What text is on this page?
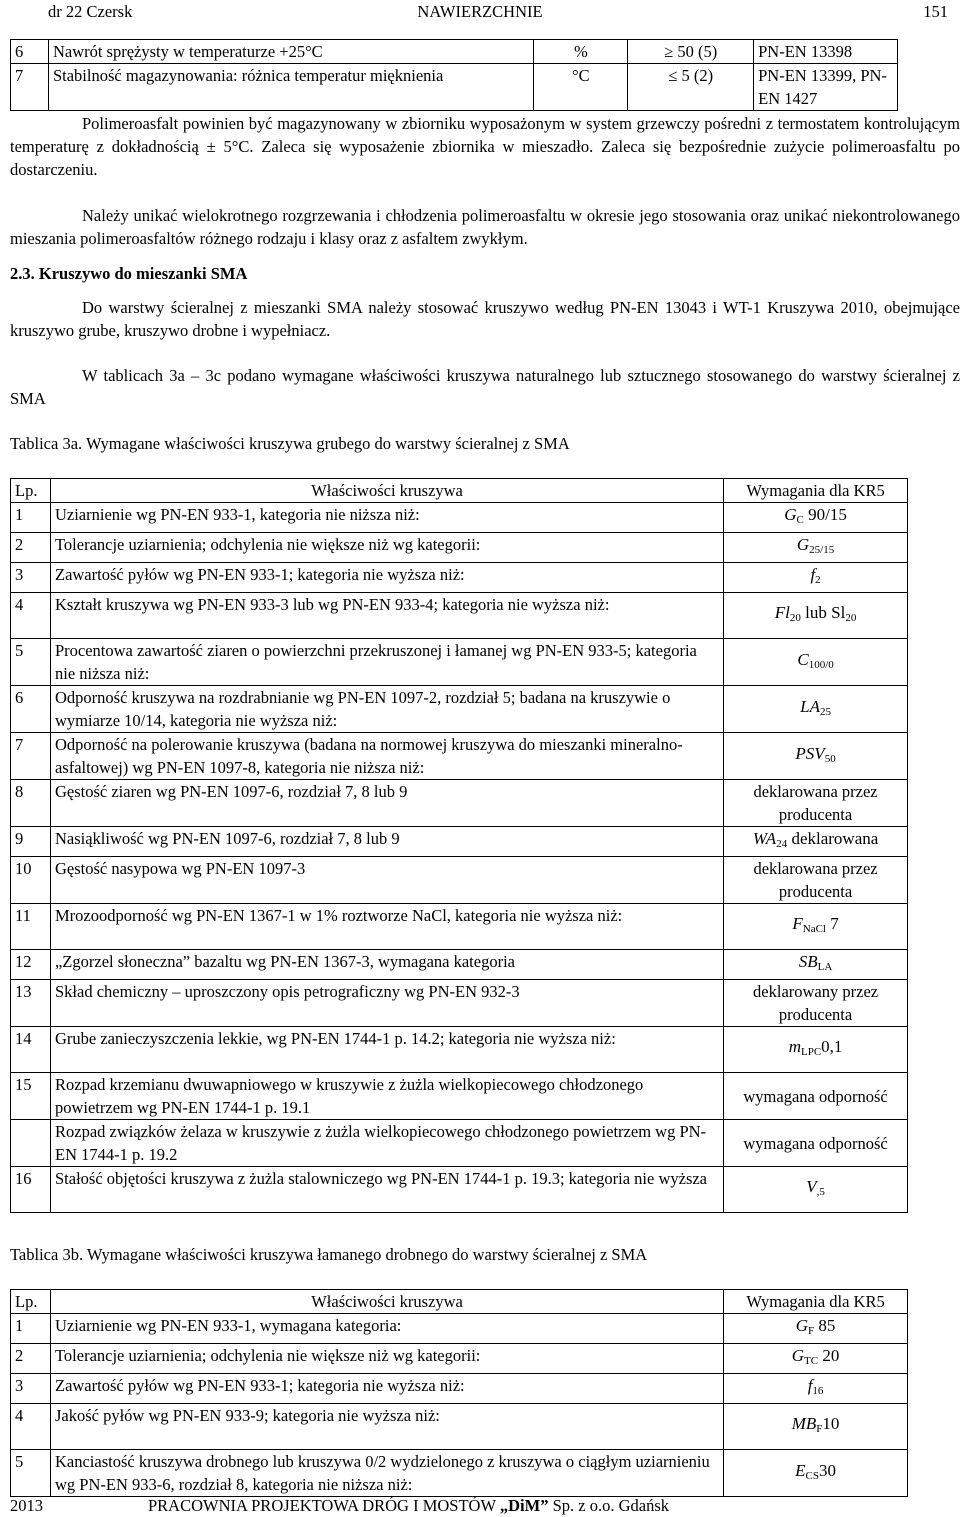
NAWIERZCHNIE
dr 22 Czersk	151
6	Nawrót sprężysty w temperaturze +25°C	%	≥ 50 (5)	PN-EN 13398
7	Stabilność magazynowania: różnica temperatur mięknienia	°C	≤ 5 (2)	PN-EN 13399, PN-EN 1427
Polimeroasfalt powinien być magazynowany w zbiorniku wyposażonym w system grzewczy pośredni z termostatem kontrolującym temperaturę z dokładnością ± 5°C. Zaleca się wyposażenie zbiornika w mieszadło. Zaleca się bezpośrednie zużycie polimeroasfaltu po dostarczeniu.
Należy unikać wielokrotnego rozgrzewania i chłodzenia polimeroasfaltu w okresie jego stosowania oraz unikać niekontrolowanego mieszania polimeroasfaltów różnego rodzaju i klasy oraz z asfaltem zwykłym.
2.3. Kruszywo do mieszanki SMA
Do warstwy ścieralnej z mieszanki SMA należy stosować kruszywo według PN-EN 13043 i WT-1 Kruszywa 2010, obejmujące kruszywo grube, kruszywo drobne i wypełniacz.
W tablicach 3a – 3c podano wymagane właściwości kruszywa naturalnego lub sztucznego stosowanego do warstwy ścieralnej z SMA
Tablica 3a. Wymagane właściwości kruszywa grubego do warstwy ścieralnej z SMA
Lp.	Właściwości kruszywa	Wymagania dla KR5
1	Uziarnienie wg PN-EN 933-1, kategoria nie niższa niż:	$G_C$ 90/15
2	Tolerancje uziarnienia; odchylenia nie większe niż wg kategorii:	$G_{25/15}$
3	Zawartość pyłów wg PN-EN 933-1; kategoria nie wyższa niż:	$f_2$
4	Kształt kruszywa wg PN-EN 933-3 lub wg PN-EN 933-4; kategoria nie wyższa niż:	$Fl_{20}$ lub $Sl_{20}$
5	Procentowa zawartość ziaren o powierzchni przekruszonej i łamanej wg PN-EN 933-5; kategoria nie niższa niż:	$C_{100/0}$
6	Odporność kruszywa na rozdrabnianie wg PN-EN 1097-2, rozdział 5; badana na kruszywie o wymiarze 10/14, kategoria nie wyższa niż:	$LA_{25}$
7	Odporność na polerowanie kruszywa (badana na normowej kruszywa do mieszanki mineralno-asfaltowej) wg PN-EN 1097-8, kategoria nie niższa niż:	$PSV_{50}$
8	Gęstość ziaren wg PN-EN 1097-6, rozdział 7, 8 lub 9	deklarowana przez producenta
9	Nasiąkliwość wg PN-EN 1097-6, rozdział 7, 8 lub 9	$WA_{24}$ deklarowana
10	Gęstość nasypowa wg PN-EN 1097-3	deklarowana przez producenta
11	Mrozoodporność wg PN-EN 1367-1 w 1% roztworze NaCl, kategoria nie wyższa niż:	$F_{NaCl}$ 7
12	„Zgorzel słoneczna” bazaltu wg PN-EN 1367-3, wymagana kategoria	$SB_{LA}$
13	Skład chemiczny – uproszczony opis petrograficzny wg PN-EN 932-3	deklarowany przez producenta
14	Grube zanieczyszczenia lekkie, wg PN-EN 1744-1 p. 14.2; kategoria nie wyższa niż:	$m_{LPC}0,1$
15	Rozpad krzemianu dwuwapniowego w kruszywie z żużla wielkopiecowego chłodzonego powietrzem wg PN-EN 1744-1 p. 19.1	wymagana odporność
	Rozpad związków żelaza w kruszywie z żużla wielkopiecowego chłodzonego powietrzem wg PN-EN 1744-1 p. 19.2	wymagana odporność
16	Stałość objętości kruszywa z żużla stalowniczego wg PN-EN 1744-1 p. 19.3; kategoria nie wyższa	$V_{,5}$
Tablica 3b. Wymagane właściwości kruszywa łamanego drobnego do warstwy ścieralnej z SMA
Lp.	Właściwości kruszywa	Wymagania dla KR5
1	Uziarnienie wg PN-EN 933-1, wymagana kategoria:	$G_F$ 85
2	Tolerancje uziarnienia; odchylenia nie większe niż wg kategorii:	$G_{TC}$ 20
3	Zawartość pyłów wg PN-EN 933-1; kategoria nie wyższa niż:	$f_{16}$
4	Jakość pyłów wg PN-EN 933-9; kategoria nie wyższa niż:	$MB_F10$
5	Kanciastość kruszywa drobnego lub kruszywa 0/2 wydzielonego z kruszywa o ciągłym uziarnieniu wg PN-EN 933-6, rozdział 8, kategoria nie niższa niż:	$E_{CS}30$
2013	PRACOWNIA PROJEKTOWA DRÓG I MOSTÓW „DiM” Sp. z o.o. Gdańsk
